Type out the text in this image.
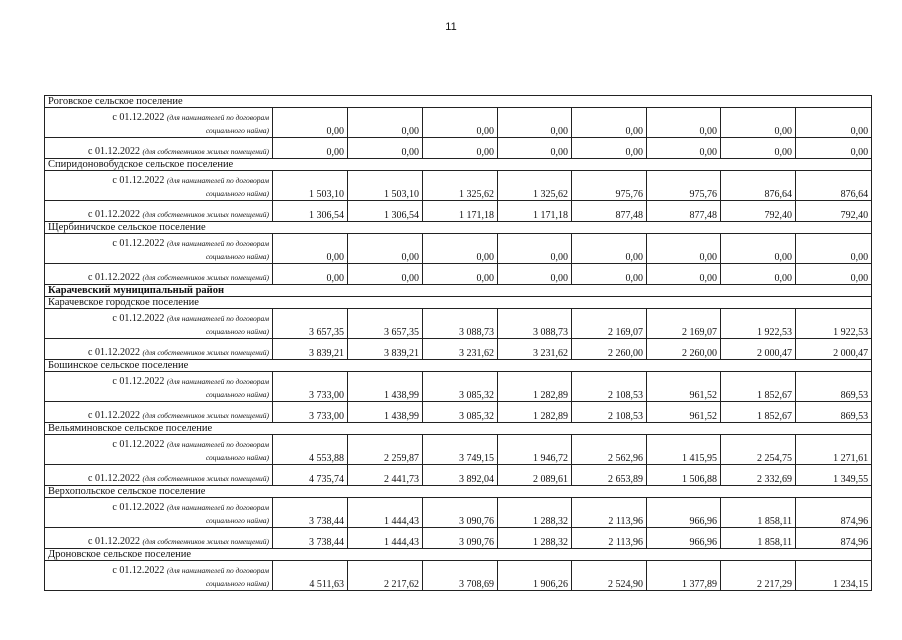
11
Роговское сельское поселение								

с 01.12.2022 (для нанимателей по договорам
социального найма)	0,00	0,00	0,00	0,00	0,00	0,00	0,00	0,00

с 01.12.2022 (для собственников жилых помещений)	0,00	0,00	0,00	0,00	0,00	0,00	0,00	0,00
Спиридоновобудское сельское поселение								

с 01.12.2022 (для нанимателей по договорам
социального найма)	1 503,10	1 503,10	1 325,62	1 325,62	975,76	975,76	876,64	876,64

с 01.12.2022 (для собственников жилых помещений)	1 306,54	1 306,54	1 171,18	1 171,18	877,48	877,48	792,40	792,40
Щербиничское сельское поселение								

с 01.12.2022 (для нанимателей по договорам
социального найма)	0,00	0,00	0,00	0,00	0,00	0,00	0,00	0,00

с 01.12.2022 (для собственников жилых помещений)	0,00	0,00	0,00	0,00	0,00	0,00	0,00	0,00
Карачевский муниципальный район								
Карачевское городское поселение								

с 01.12.2022 (для нанимателей по договорам
социального найма)	3 657,35	3 657,35	3 088,73	3 088,73	2 169,07	2 169,07	1 922,53	1 922,53

с 01.12.2022 (для собственников жилых помещений)	3 839,21	3 839,21	3 231,62	3 231,62	2 260,00	2 260,00	2 000,47	2 000,47
Бошинское сельское поселение								

с 01.12.2022 (для нанимателей по договорам
социального найма)	3 733,00	1 438,99	3 085,32	1 282,89	2 108,53	961,52	1 852,67	869,53

с 01.12.2022 (для собственников жилых помещений)	3 733,00	1 438,99	3 085,32	1 282,89	2 108,53	961,52	1 852,67	869,53
Вельяминовское сельское поселение								

с 01.12.2022 (для нанимателей по договорам
социального найма)	4 553,88	2 259,87	3 749,15	1 946,72	2 562,96	1 415,95	2 254,75	1 271,61

с 01.12.2022 (для собственников жилых помещений)	4 735,74	2 441,73	3 892,04	2 089,61	2 653,89	1 506,88	2 332,69	1 349,55
Верхопольское сельское поселение								

с 01.12.2022 (для нанимателей по договорам
социального найма)	3 738,44	1 444,43	3 090,76	1 288,32	2 113,96	966,96	1 858,11	874,96

с 01.12.2022 (для собственников жилых помещений)	3 738,44	1 444,43	3 090,76	1 288,32	2 113,96	966,96	1 858,11	874,96
Дроновское сельское поселение								

с 01.12.2022 (для нанимателей по договорам
социального найма)	4 511,63	2 217,62	3 708,69	1 906,26	2 524,90	1 377,89	2 217,29	1 234,15
